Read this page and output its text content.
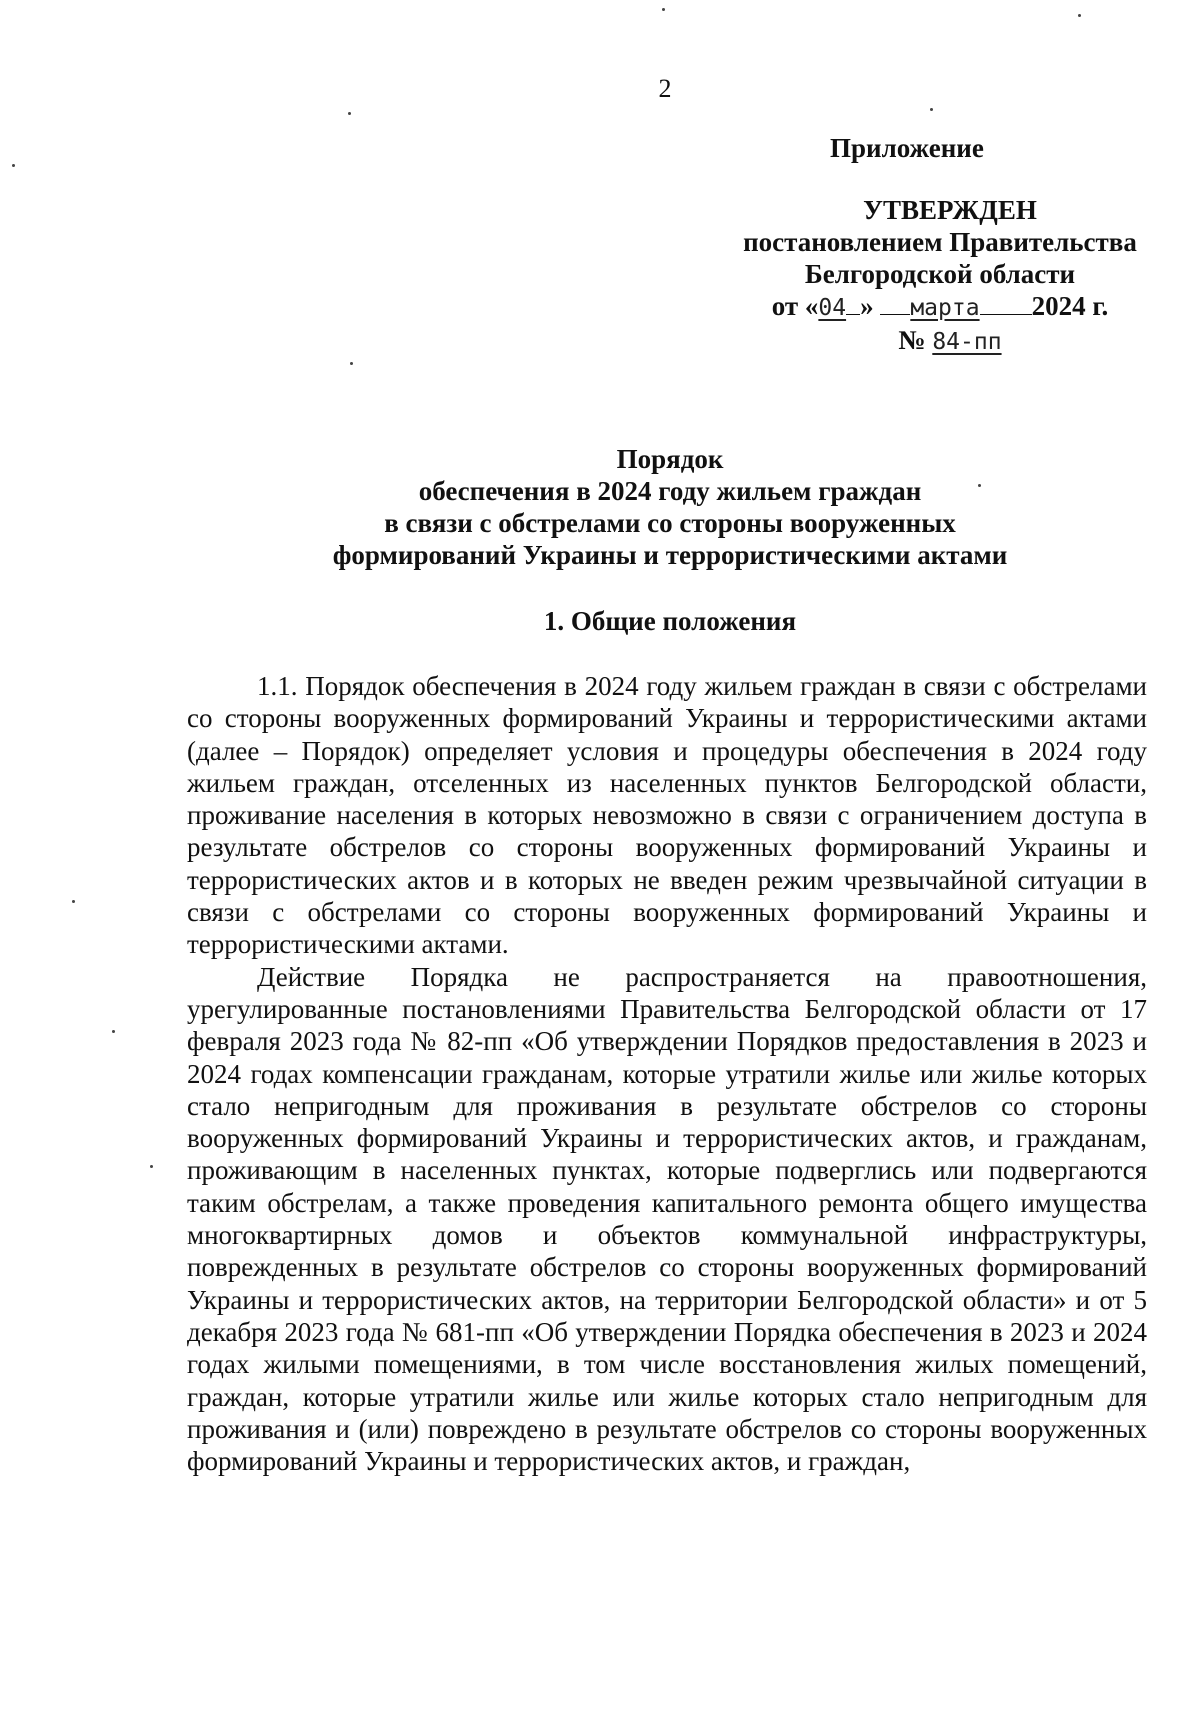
2
Приложение
УТВЕРЖДЕН
постановлением Правительства
Белгородской области
от «04 » марта 2024 г.
№ 84-пп
Порядок
обеспечения в 2024 году жильем граждан
в связи с обстрелами со стороны вооруженных
формирований Украины и террористическими актами
1. Общие положения

1.1. Порядок обеспечения в 2024 году жильем граждан в связи с обстрелами со стороны вооруженных формирований Украины и террористическими актами (далее – Порядок) определяет условия и процедуры обеспечения в 2024 году жильем граждан, отселенных из населенных пунктов Белгородской области, проживание населения в которых невозможно в связи с ограничением доступа в результате обстрелов со стороны вооруженных формирований Украины и террористических актов и в которых не введен режим чрезвычайной ситуации в связи с обстрелами со стороны вооруженных формирований Украины и террористическими актами.

Действие Порядка не распространяется на правоотношения, урегулированные постановлениями Правительства Белгородской области от 17 февраля 2023 года № 82-пп «Об утверждении Порядков предоставления в 2023 и 2024 годах компенсации гражданам, которые утратили жилье или жилье которых стало непригодным для проживания в результате обстрелов со стороны вооруженных формирований Украины и террористических актов, и гражданам, проживающим в населенных пунктах, которые подверглись или подвергаются таким обстрелам, а также проведения капитального ремонта общего имущества многоквартирных домов и объектов коммунальной инфраструктуры, поврежденных в результате обстрелов со стороны вооруженных формирований Украины и террористических актов, на территории Белгородской области» и от 5 декабря 2023 года № 681-пп «Об утверждении Порядка обеспечения в 2023 и 2024 годах жилыми помещениями, в том числе восстановления жилых помещений, граждан, которые утратили жилье или жилье которых стало непригодным для проживания и (или) повреждено в результате обстрелов со стороны вооруженных формирований Украины и террористических актов, и граждан,
